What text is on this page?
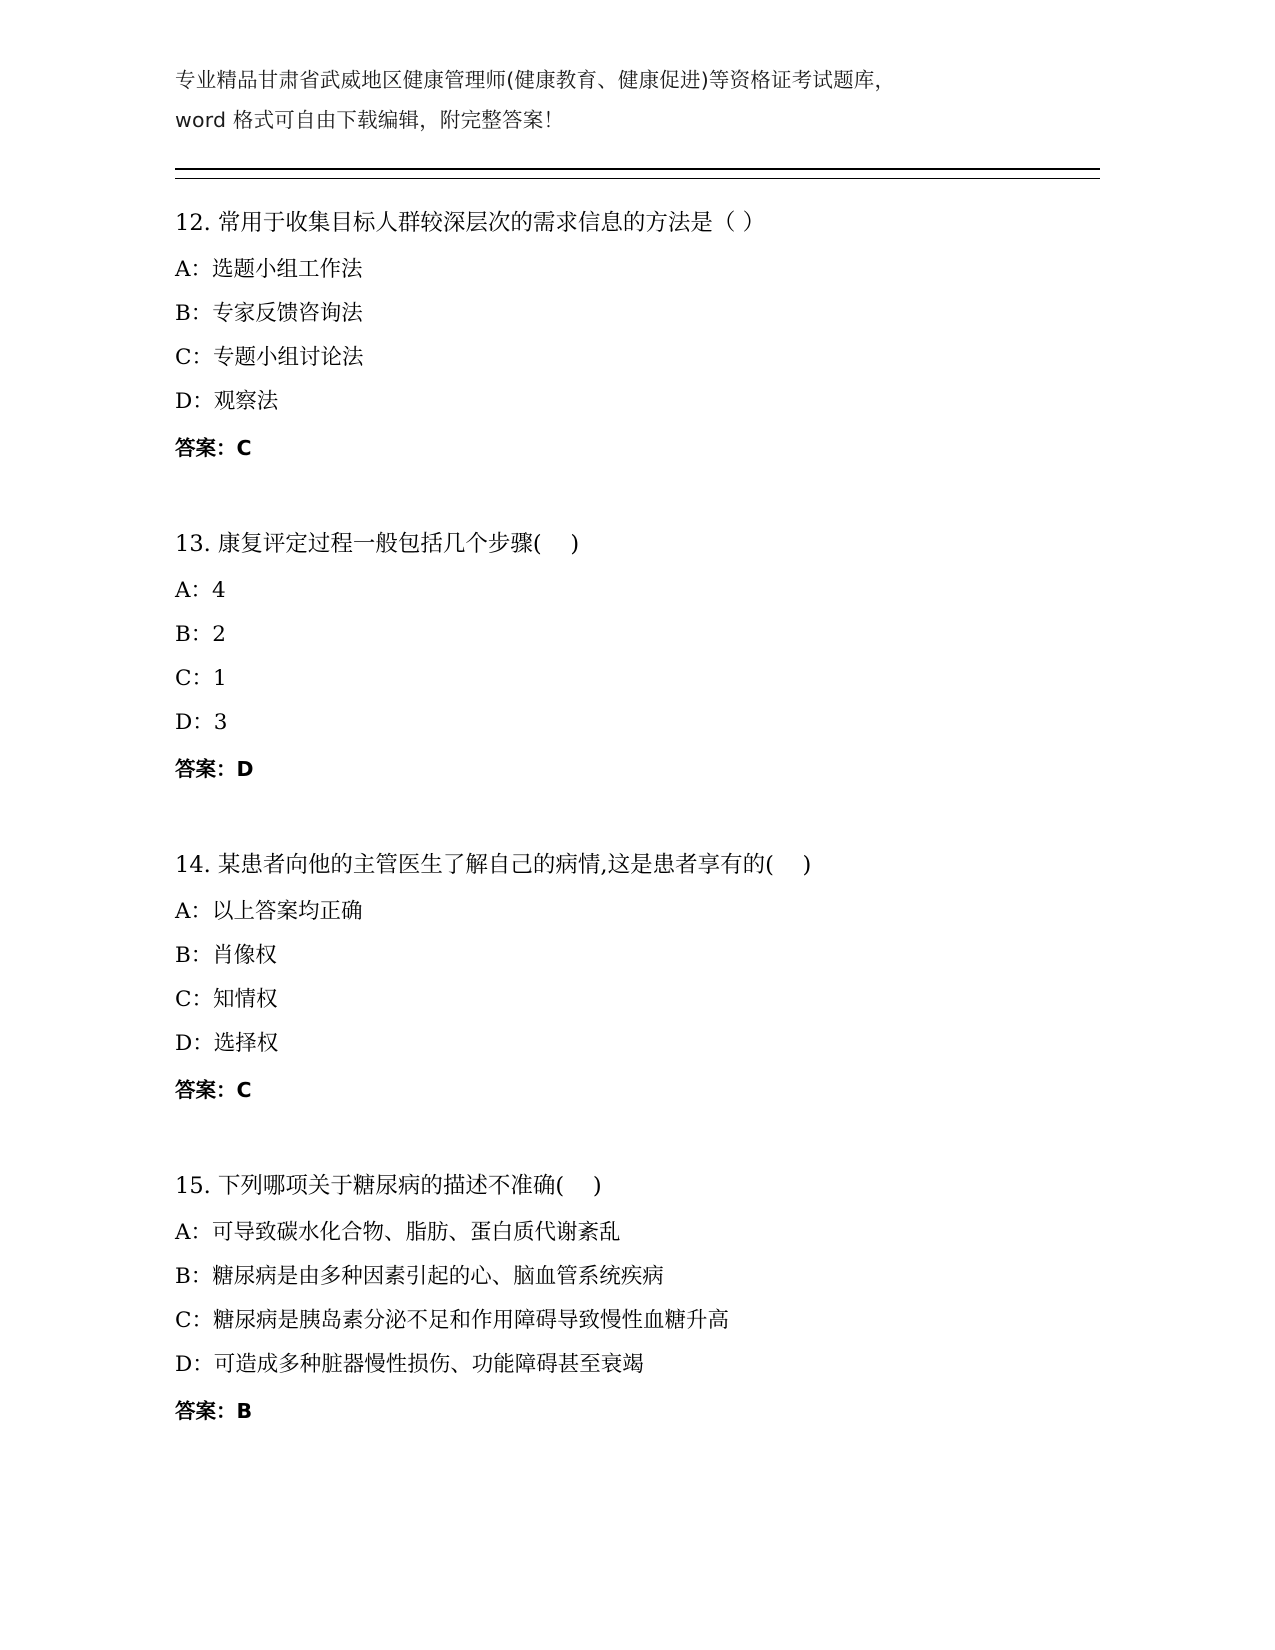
专业精品甘肃省武威地区健康管理师(健康教育、健康促进)等资格证考试题库，
word 格式可自由下载编辑，附完整答案！
12. 常用于收集目标人群较深层次的需求信息的方法是（ ）
A：选题小组工作法
B：专家反馈咨询法
C：专题小组讨论法
D：观察法
答案：C
13. 康复评定过程一般包括几个步骤(    )
A：4
B：2
C：1
D：3
答案：D
14. 某患者向他的主管医生了解自己的病情,这是患者享有的(    )
A：以上答案均正确
B：肖像权
C：知情权
D：选择权
答案：C
15. 下列哪项关于糖尿病的描述不准确(    )
A：可导致碳水化合物、脂肪、蛋白质代谢紊乱
B：糖尿病是由多种因素引起的心、脑血管系统疾病
C：糖尿病是胰岛素分泌不足和作用障碍导致慢性血糖升高
D：可造成多种脏器慢性损伤、功能障碍甚至衰竭
答案：B
